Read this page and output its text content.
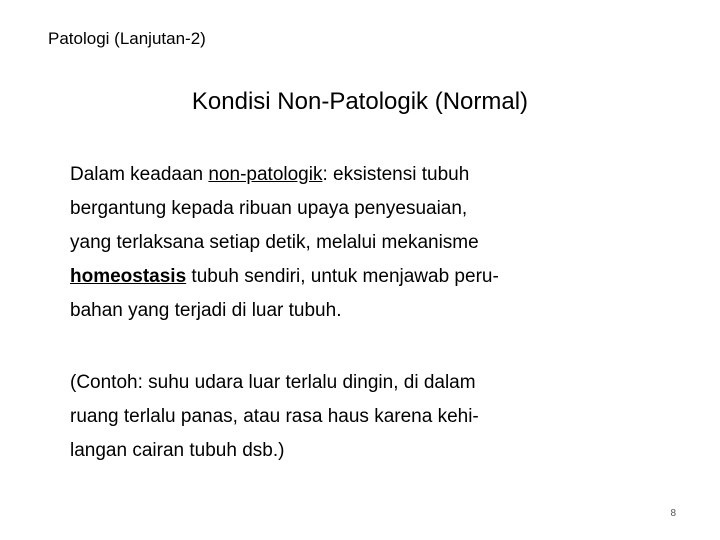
Patologi (Lanjutan-2)
Kondisi Non-Patologik (Normal)
Dalam keadaan non-patologik: eksistensi tubuh
bergantung kepada ribuan upaya penyesuaian,
yang terlaksana setiap detik, melalui mekanisme
homeostasis tubuh sendiri, untuk menjawab peru-
bahan yang terjadi di luar tubuh.
(Contoh: suhu udara luar terlalu dingin, di dalam
ruang terlalu panas, atau rasa haus karena kehi-
langan cairan tubuh dsb.)
8
